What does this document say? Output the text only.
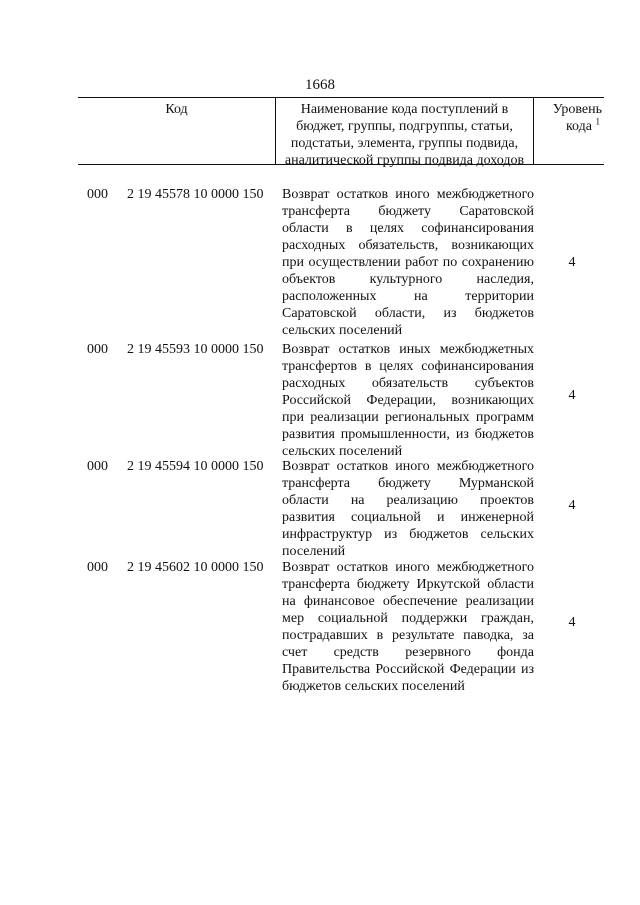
1668
Код	Наименование кода поступлений в бюджет, группы, подгруппы, статьи, подстатьи, элемента, группы подвида, аналитической группы подвида доходов
Уровень
кода $^1$
000 2 19 45578 10 0000 150 Возврат остатков иного межбюджетного трансферта бюджету Саратовской области в целях софинансирования расходных обязательств, возникающих при осуществлении работ по сохранению объектов культурного наследия, расположенных на территории Саратовской области, из бюджетов сельских поселений
4
000 2 19 45593 10 0000 150 Возврат остатков иных межбюджетных трансфертов в целях софинансирования расходных обязательств субъектов Российской Федерации, возникающих при реализации региональных программ развития промышленности, из бюджетов сельских поселений
4
000 2 19 45594 10 0000 150 Возврат остатков иного межбюджетного трансферта бюджету Мурманской области на реализацию проектов развития социальной и инженерной инфраструктур из бюджетов сельских поселений
4
000 2 19 45602 10 0000 150 Возврат остатков иного межбюджетного трансферта бюджету Иркутской области на финансовое обеспечение реализации мер социальной поддержки граждан, пострадавших в результате паводка, за счет средств резервного фонда Правительства Российской Федерации из бюджетов сельских поселений
4
